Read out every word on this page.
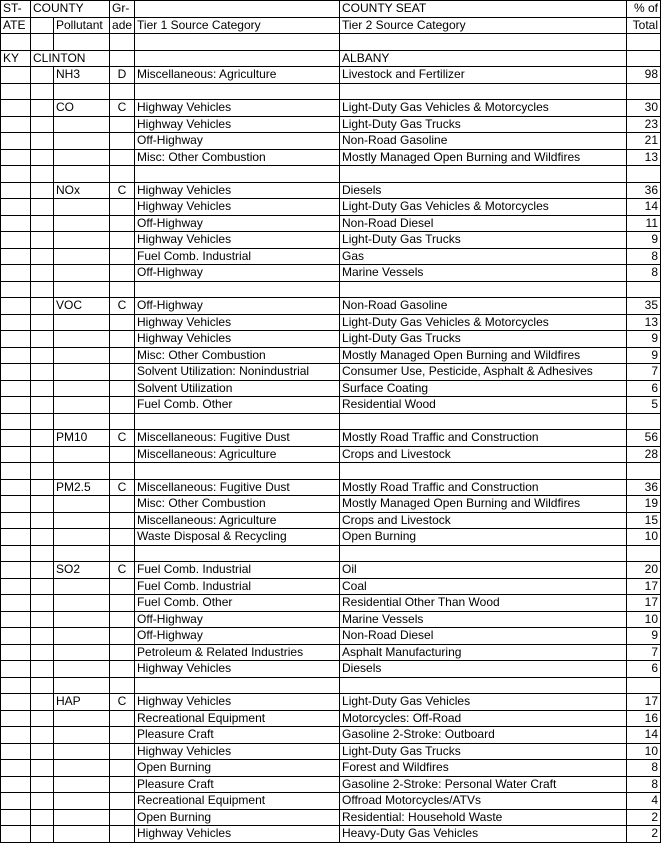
ST-	COUNTY		Gr-		COUNTY SEAT	% of
ATE		Pollutant	ade	Tier 1 Source Category	Tier 2 Source Category	Total

KY	CLINTON				ALBANY	
		NH3	D	Miscellaneous: Agriculture	Livestock and Fertilizer	98

		CO	C	Highway Vehicles	Light-Duty Gas Vehicles & Motorcycles	30
				Highway Vehicles	Light-Duty Gas Trucks	23
				Off-Highway	Non-Road Gasoline	21
				Misc: Other Combustion	Mostly Managed Open Burning and Wildfires	13

		NOx	C	Highway Vehicles	Diesels	36
				Highway Vehicles	Light-Duty Gas Vehicles & Motorcycles	14
				Off-Highway	Non-Road Diesel	11
				Highway Vehicles	Light-Duty Gas Trucks	9
				Fuel Comb. Industrial	Gas	8
				Off-Highway	Marine Vessels	8

		VOC	C	Off-Highway	Non-Road Gasoline	35
				Highway Vehicles	Light-Duty Gas Vehicles & Motorcycles	13
				Highway Vehicles	Light-Duty Gas Trucks	9
				Misc: Other Combustion	Mostly Managed Open Burning and Wildfires	9
				Solvent Utilization: Nonindustrial	Consumer Use, Pesticide, Asphalt & Adhesives	7
				Solvent Utilization	Surface Coating	6
				Fuel Comb. Other	Residential Wood	5

		PM10	C	Miscellaneous: Fugitive Dust	Mostly Road Traffic and Construction	56
				Miscellaneous: Agriculture	Crops and Livestock	28

		PM2.5	C	Miscellaneous: Fugitive Dust	Mostly Road Traffic and Construction	36
				Misc: Other Combustion	Mostly Managed Open Burning and Wildfires	19
				Miscellaneous: Agriculture	Crops and Livestock	15
				Waste Disposal & Recycling	Open Burning	10

		SO2	C	Fuel Comb. Industrial	Oil	20
				Fuel Comb. Industrial	Coal	17
				Fuel Comb. Other	Residential Other Than Wood	17
				Off-Highway	Marine Vessels	10
				Off-Highway	Non-Road Diesel	9
				Petroleum & Related Industries	Asphalt Manufacturing	7
				Highway Vehicles	Diesels	6

		HAP	C	Highway Vehicles	Light-Duty Gas Vehicles	17
				Recreational Equipment	Motorcycles: Off-Road	16
				Pleasure Craft	Gasoline 2-Stroke: Outboard	14
				Highway Vehicles	Light-Duty Gas Trucks	10
				Open Burning	Forest and Wildfires	8
				Pleasure Craft	Gasoline 2-Stroke: Personal Water Craft	8
				Recreational Equipment	Offroad Motorcycles/ATVs	4
				Open Burning	Residential: Household Waste	2
				Highway Vehicles	Heavy-Duty Gas Vehicles	2
